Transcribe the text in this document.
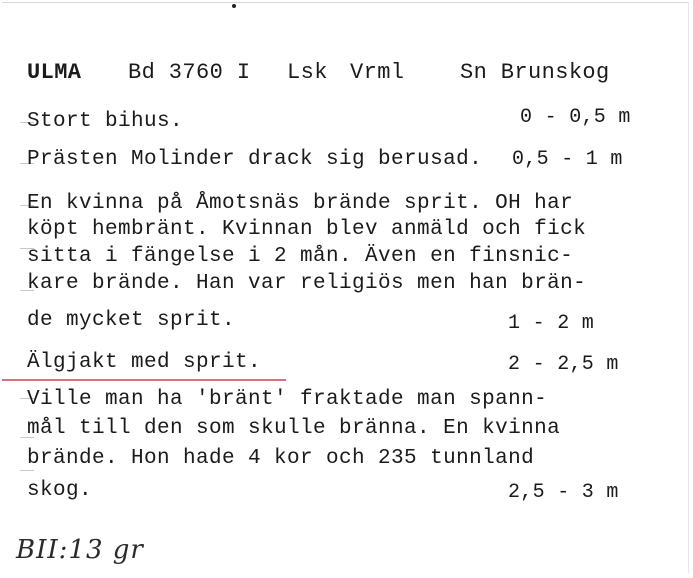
ULMA Bd 3760 I Lsk Vrml	Sn Brunskog
Stort bihus.	0 - 0,5 m
Prästen Molinder drack sig berusad. 0,5 - 1 m
En kvinna på Åmotsnäs brände sprit. OH har
köpt hembränt. Kvinnan blev anmäld och fick
sitta i fängelse i 2 mån. Även en finsnic-
kare brände. Han var religiös men han brän-
de mycket sprit.	1 - 2 m
Älgjakt med sprit.	2 - 2,5 m
Ville man ha 'bränt' fraktade man spann-
mål till den som skulle bränna. En kvinna
brände. Hon hade 4 kor och 235 tunnland
skog.	2,5 - 3 m
BII:13 gr
